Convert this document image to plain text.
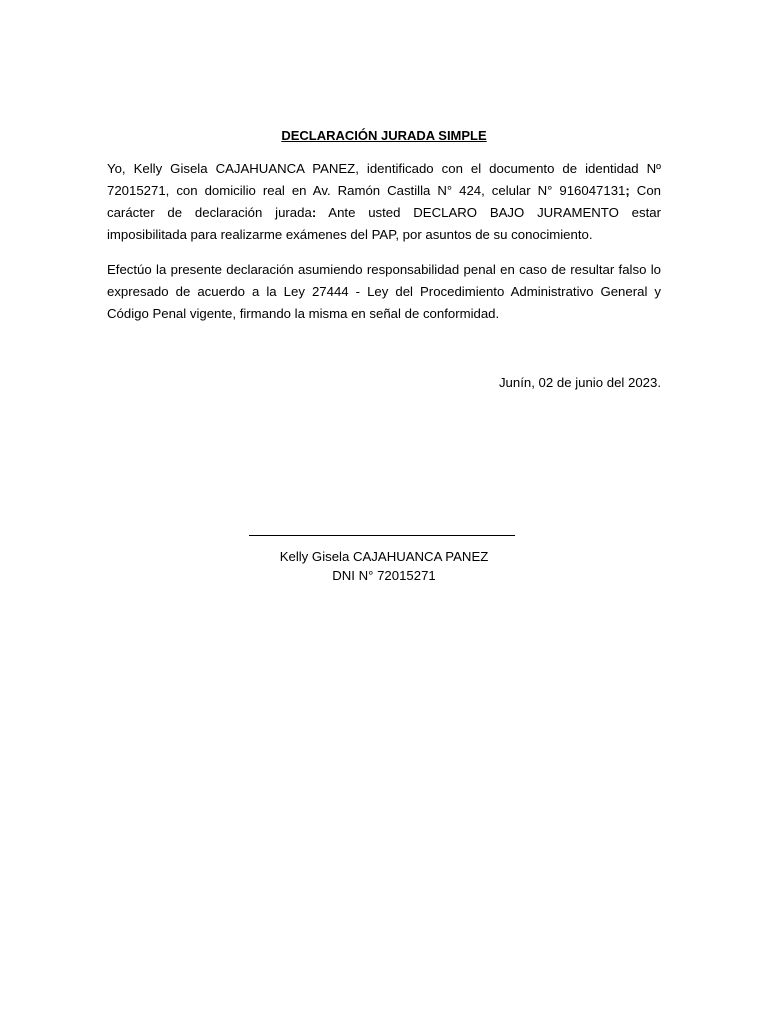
DECLARACIÓN JURADA SIMPLE

Yo, Kelly Gisela CAJAHUANCA PANEZ, identificado con el documento de identidad Nº 72015271, con domicilio real en Av. Ramón Castilla N° 424, celular N° 916047131; Con carácter de declaración jurada: Ante usted DECLARO BAJO JURAMENTO estar imposibilitada para realizarme exámenes del PAP, por asuntos de su conocimiento.

Efectúo la presente declaración asumiendo responsabilidad penal en caso de resultar falso lo expresado de acuerdo a la Ley 27444 - Ley del Procedimiento Administrativo General y Código Penal vigente, firmando la misma en señal de conformidad.

Junín, 02 de junio del 2023.
Kelly Gisela CAJAHUANCA PANEZ
DNI N° 72015271
